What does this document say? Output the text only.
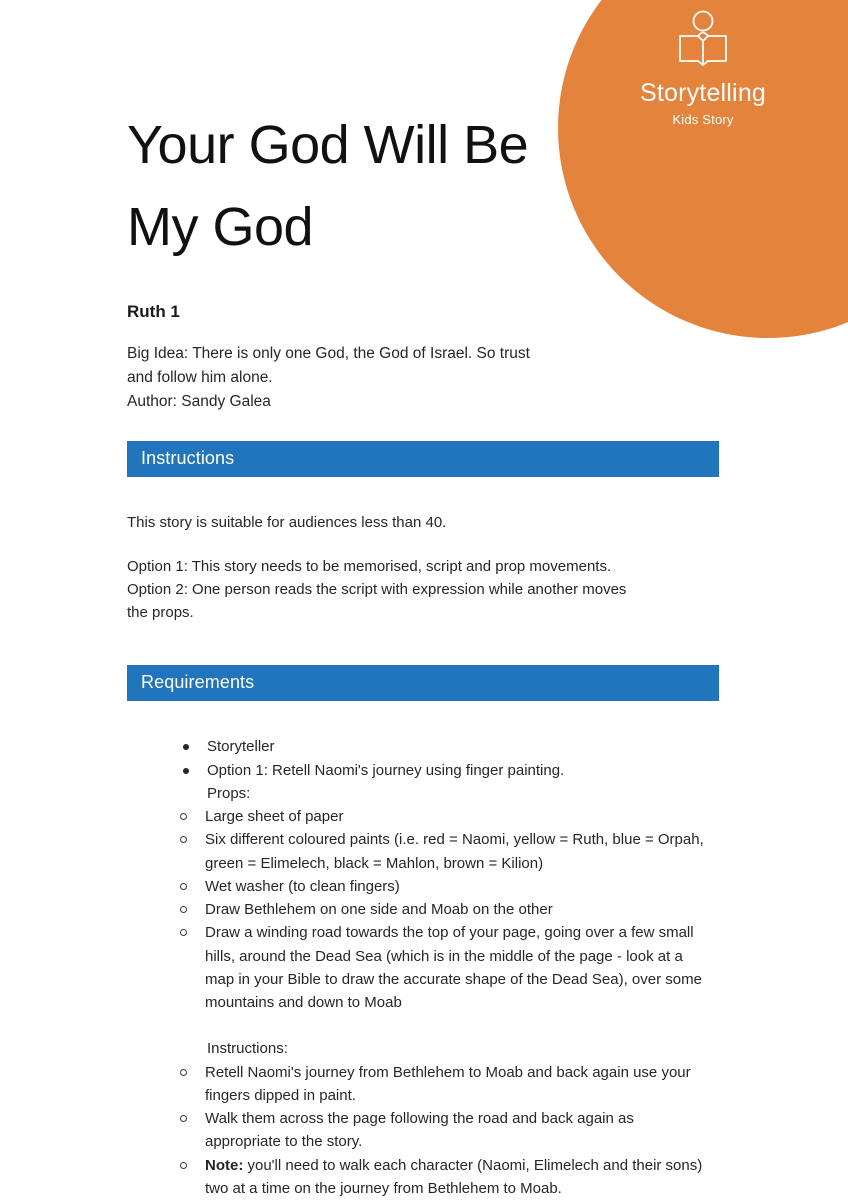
Storytelling
Kids Story
Your God Will Be My God

Ruth 1

Big Idea: There is only one God, the God of Israel. So trust and follow him alone.

Author: Sandy Galea

Instructions

This story is suitable for audiences less than 40.

Option 1: This story needs to be memorised, script and prop movements.

Option 2: One person reads the script with expression while another moves the props.

Requirements
Storyteller
Option 1: Retell Naomi's journey using finger painting.
Props:
Large sheet of paper
Six different coloured paints (i.e. red = Naomi, yellow = Ruth, blue = Orpah, green = Elimelech, black = Mahlon, brown = Kilion)
Wet washer (to clean fingers)
Draw Bethlehem on one side and Moab on the other
Draw a winding road towards the top of your page, going over a few small hills, around the Dead Sea (which is in the middle of the page - look at a map in your Bible to draw the accurate shape of the Dead Sea), over some mountains and down to Moab
Instructions:
Retell Naomi's journey from Bethlehem to Moab and back again use your fingers dipped in paint.
Walk them across the page following the road and back again as appropriate to the story.
Note: you'll need to walk each character (Naomi, Elimelech and their sons) two at a time on the journey from Bethlehem to Moab.
